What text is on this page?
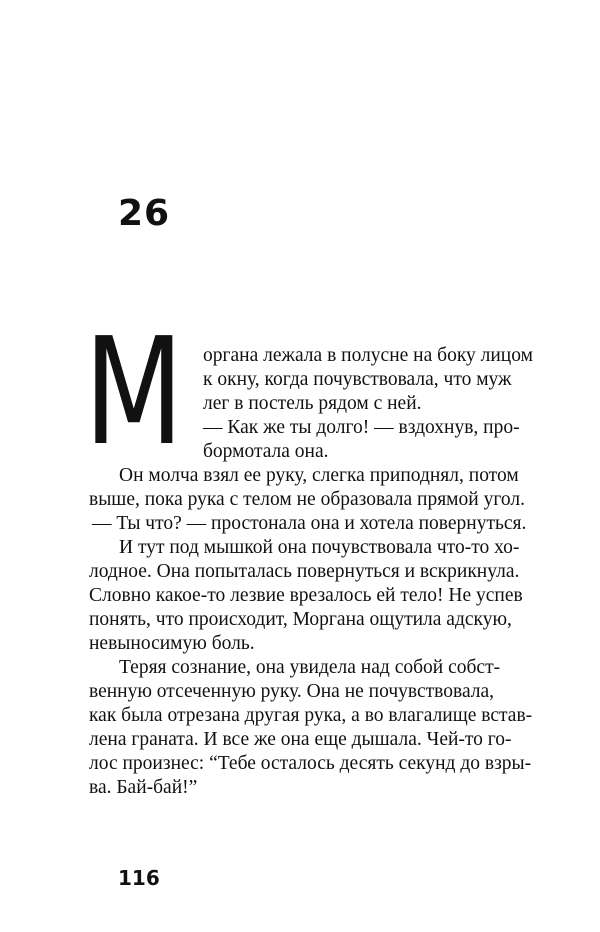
26
М органа лежала в полусне на боку лицом
к окну, когда почувствовала, что муж
лег в постель рядом с ней.
— Как же ты долго! — вздохнув, про-
бормотала она.
Он молча взял ее руку, слегка приподнял, потом
выше, пока рука с телом не образовала прямой угол.
— Ты что? — простонала она и хотела повернуться.
И тут под мышкой она почувствовала что-то хо-
лодное. Она попыталась повернуться и вскрикнула.
Словно какое-то лезвие врезалось ей тело! Не успев
понять, что происходит, Моргана ощутила адскую,
невыносимую боль.
Теряя сознание, она увидела над собой собст-
венную отсеченную руку. Она не почувствовала,
как была отрезана другая рука, а во влагалище встав-
лена граната. И все же она еще дышала. Чей-то го-
лос произнес: “Тебе осталось десять секунд до взры-
ва. Бай-бай!”
116
